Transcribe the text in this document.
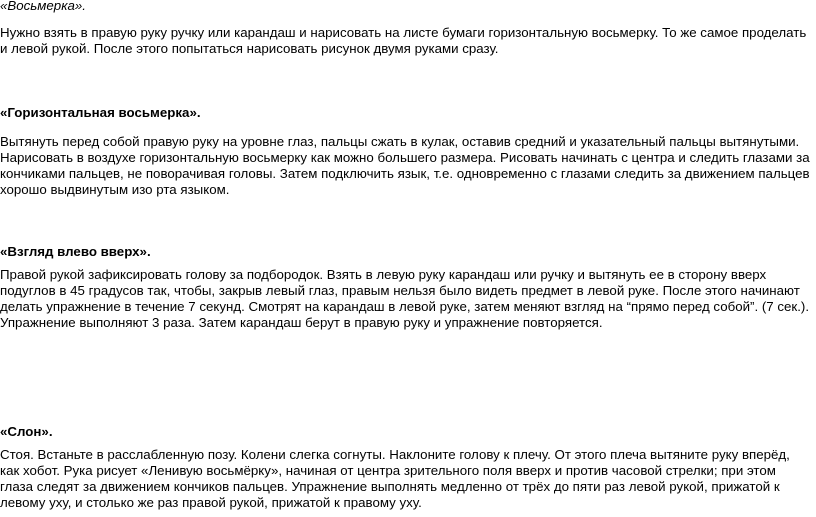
«Восьмерка».

Нужно взять в правую руку ручку или карандаш и нарисовать на листе бумаги горизонтальную восьмерку. То же самое проделать и левой рукой. После этого попытаться нарисовать рисунок двумя руками сразу.

«Горизонтальная восьмерка».

Вытянуть перед собой правую руку на уровне глаз, пальцы сжать в кулак, оставив средний и указательный пальцы вытянутыми. Нарисовать в воздухе горизонтальную восьмерку как можно большего размера. Рисовать начинать с центра и следить глазами за кончиками пальцев, не поворачивая головы. Затем подключить язык, т.е. одновременно с глазами следить за движением пальцев хорошо выдвинутым изо рта языком.

«Взгляд влево вверх».

Правой рукой зафиксировать голову за подбородок. Взять в левую руку карандаш или ручку и вытянуть ее в сторону вверх подуглов в 45 градусов так, чтобы, закрыв левый глаз, правым нельзя было видеть предмет в левой руке. После этого начинают делать упражнение в течение 7 секунд. Смотрят на карандаш в левой руке, затем меняют взгляд на “прямо перед собой”. (7 сек.). Упражнение выполняют 3 раза. Затем карандаш берут в правую руку и упражнение повторяется.

«Слон».

Стоя. Встаньте в расслабленную позу. Колени слегка согнуты. Наклоните голову к плечу. От этого плеча вытяните руку вперёд, как хобот. Рука рисует «Ленивую восьмёрку», начиная от центра зрительного поля вверх и против часовой стрелки; при этом глаза следят за движением кончиков пальцев. Упражнение выполнять медленно от трёх до пяти раз левой рукой, прижатой к левому уху, и столько же раз правой рукой, прижатой к правому уху.
